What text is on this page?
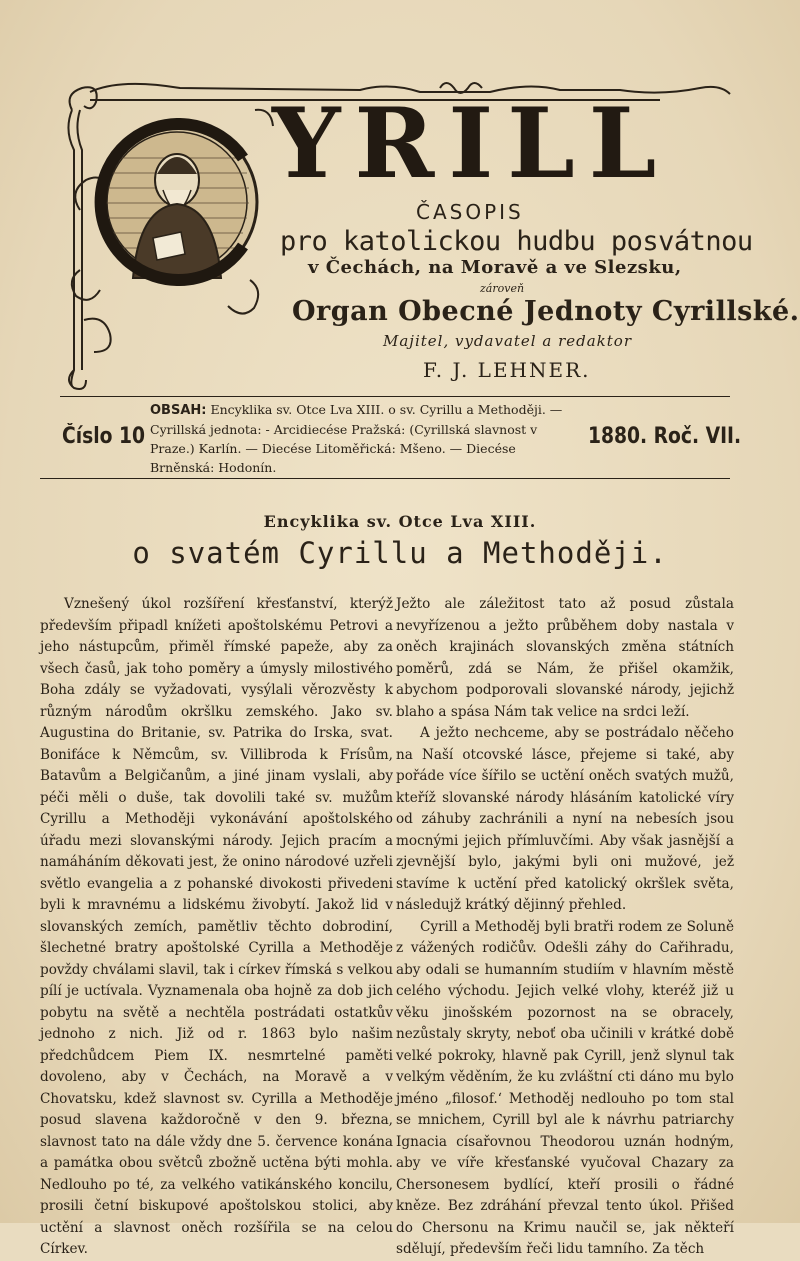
YRILL
ČASOPIS
pro katolickou hudbu posvátnou
v Čechách, na Moravě a ve Slezsku,
zároveň
Organ Obecné Jednoty Cyrillské.
Majitel, vydavatel a redaktor
F. J. LEHNER.
Číslo 10
OBSAH: Encyklika sv. Otce Lva XIII. o sv. Cyrillu a Methoději. — Cyrillská jednota: - Arcidiecése Pražská: (Cyrillská slavnost v Praze.) Karlín. — Diecése Litoměřická: Mšeno. — Diecése Brněnská: Hodonín.
1880. Roč. VII.
Encyklika sv. Otce Lva XIII.
o svatém Cyrillu a Methoději.

Vznešený úkol rozšíření křesťanství, kterýž především připadl knížeti apoštolskému Petrovi a jeho nástupcům, přiměl římské papeže, aby za všech časů, jak toho poměry a úmysly milostivého Boha zdály se vyžadovati, vysýlali věrozvěsty k různým národům okršlku zemského. Jako sv. Augustina do Britanie, sv. Patrika do Irska, svat. Bonifáce k Němcům, sv. Villibroda k Frísům, Batavům a Belgičanům, a jiné jinam vyslali, aby péči měli o duše, tak dovolili také sv. mužům Cyrillu a Methoději vykonávání apoštolského úřadu mezi slovanskými národy. Jejich pracím a namáháním děkovati jest, že onino národové uzřeli světlo evangelia a z pohanské divokosti přivedeni byli k mravnému a lidskému živobytí. Jakož lid v slovanských zemích, pamětliv těchto dobrodiní, šlechetné bratry apoštolské Cyrilla a Methoděje povždy chválami slavil, tak i církev římská s velkou pílí je uctívala. Vyznamenala oba hojně za dob jich pobytu na světě a nechtěla postrádati ostatkův jednoho z nich. Již od r. 1863 bylo našim předchůdcem Piem IX. nesmrtelné paměti dovoleno, aby v Čechách, na Moravě a v Chovatsku, kdež slavnost sv. Cyrilla a Methoděje posud slavena každoročně v den 9. března, slavnost tato na dále vždy dne 5. července konána a památka obou světců zbožně uctěna býti mohla. Nedlouho po té, za velkého vatikánského koncilu, prosili četní biskupové apoštolskou stolici, aby uctění a slavnost oněch rozšířila se na celou Církev.

Ježto ale záležitost tato až posud zůstala nevyřízenou a ježto průběhem doby nastala v oněch krajinách slovanských změna státních poměrů, zdá se Nám, že přišel okamžik, abychom podporovali slovanské národy, jejichž blaho a spása Nám tak velice na srdci leží.

A ježto nechceme, aby se postrádalo něčeho na Naší otcovské lásce, přejeme si také, aby pořáde více šířilo se uctění oněch svatých mužů, kteříž slovanské národy hlásáním katolické víry od záhuby zachránili a nyní na nebesích jsou mocnými jejich přímluvčími. Aby však jasnější a zjevnější bylo, jakými byli oni mužové, jež stavíme k uctění před katolický okršlek světa, následujž krátký dějinný přehled.

Cyrill a Methoděj byli bratři rodem ze Soluně z vážených rodičův. Odešli záhy do Cařihradu, aby odali se humanním studiím v hlavním městě celého východu. Jejich velké vlohy, kteréž již u věku jinošském pozornost na se obracely, nezůstaly skryty, neboť oba učinili v krátké době velké pokroky, hlavně pak Cyrill, jenž slynul tak velkým věděním, že ku zvláštní cti dáno mu bylo jméno „filosof.‘ Methoděj nedlouho po tom stal se mnichem, Cyrill byl ale k návrhu patriarchy Ignacia císařovnou Theodorou uznán hodným, aby ve víře křesťanské vyučoval Chazary za Chersonesem bydlící, kteří prosili o řádné kněze. Bez zdráhání převzal tento úkol. Přišed do Chersonu na Krimu naučil se, jak někteří sdělují, především řeči lidu tamního. Za těch
